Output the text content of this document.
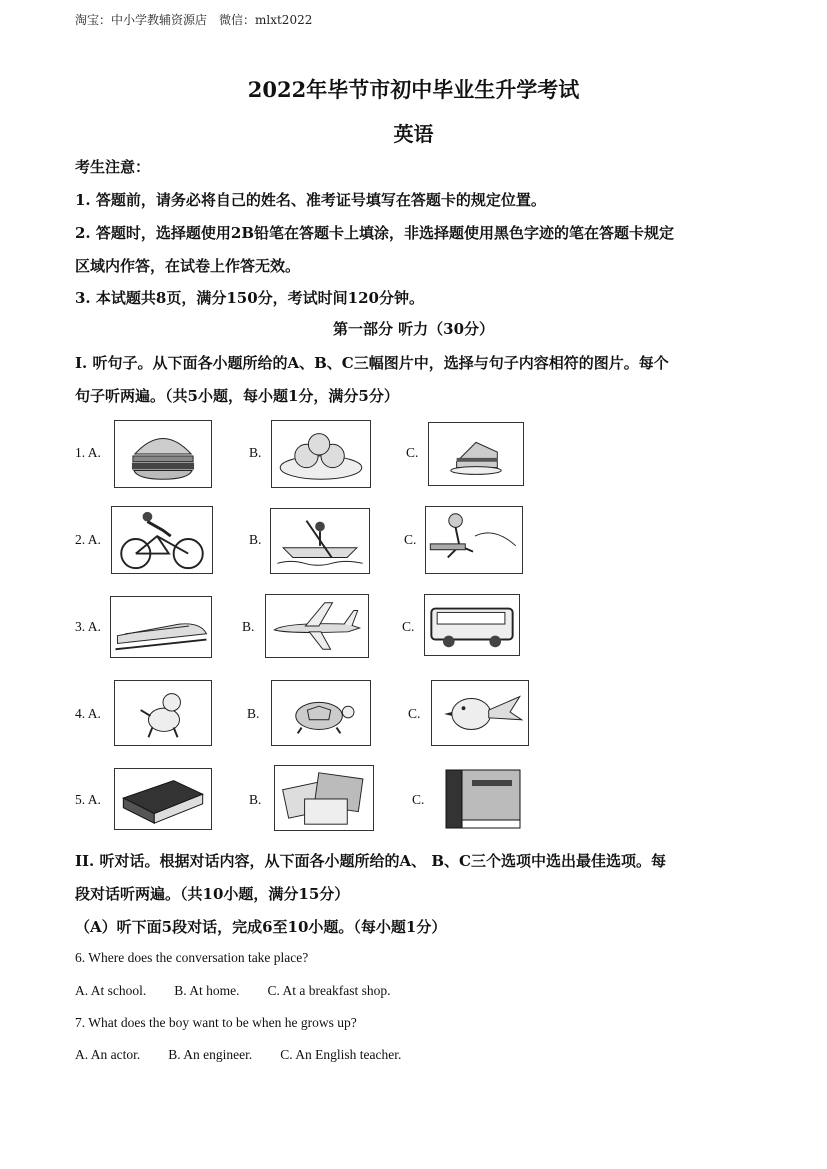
淘宝：中小学教辅资源店　微信：mlxt2022
2022年毕节市初中毕业生升学考试
英语
考生注意：
1. 答题前，请务必将自己的姓名、准考证号填写在答题卡的规定位置。
2. 答题时，选择题使用2B铅笔在答题卡上填涂，非选择题使用黑色字迹的笔在答题卡规定
区域内作答，在试卷上作答无效。
3. 本试题共8页，满分150分，考试时间120分钟。
第一部分 听力（30分）
I. 听句子。从下面各小题所给的A、B、C三幅图片中，选择与句子内容相符的图片。每个
句子听两遍。（共5小题，每小题1分，满分5分）
1. A.	B.	C.
2. A.	B.	C.
3. A.	B.	C.
4. A.	B.	C.
5. A.	B.	C.
II. 听对话。根据对话内容，从下面各小题所给的A、 B、C三个选项中选出最佳选项。每
段对话听两遍。（共10小题，满分15分）
（A）听下面5段对话，完成6至10小题。（每小题1分）
6. Where does the conversation take place?
A. At school. B. At home. C. At a breakfast shop.
7. What does the boy want to be when he grows up?
A. An actor. B. An engineer. C. An English teacher.
